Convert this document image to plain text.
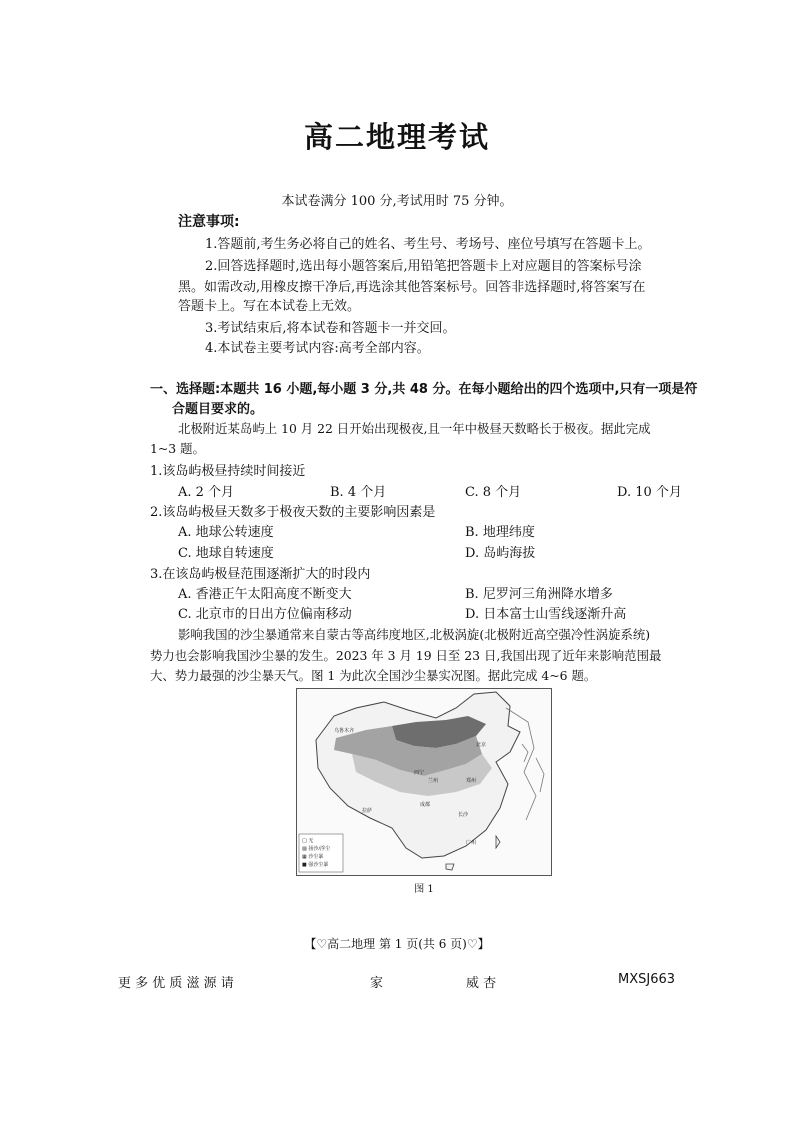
高二地理考试
本试卷满分 100 分,考试用时 75 分钟。
注意事项:
1.答题前,考生务必将自己的姓名、考生号、考场号、座位号填写在答题卡上。
2.回答选择题时,选出每小题答案后,用铅笔把答题卡上对应题目的答案标号涂
黑。如需改动,用橡皮擦干净后,再选涂其他答案标号。回答非选择题时,将答案写在
答题卡上。写在本试卷上无效。
3.考试结束后,将本试卷和答题卡一并交回。
4.本试卷主要考试内容:高考全部内容。
一、选择题:本题共 16 小题,每小题 3 分,共 48 分。在每小题给出的四个选项中,只有一项是符
合题目要求的。
北极附近某岛屿上 10 月 22 日开始出现极夜,且一年中极昼天数略长于极夜。据此完成
1~3 题。
1.该岛屿极昼持续时间接近
A. 2 个月	B. 4 个月	C. 8 个月	D. 10 个月
2.该岛屿极昼天数多于极夜天数的主要影响因素是
A. 地球公转速度	B. 地理纬度
C. 地球自转速度	D. 岛屿海拔
3.在该岛屿极昼范围逐渐扩大的时段内
A. 香港正午太阳高度不断变大	B. 尼罗河三角洲降水增多
C. 北京市的日出方位偏南移动	D. 日本富士山雪线逐渐升高
影响我国的沙尘暴通常来自蒙古等高纬度地区,北极涡旋(北极附近高空强冷性涡旋系统)
势力也会影响我国沙尘暴的发生。2023 年 3 月 19 日至 23 日,我国出现了近年来影响范围最
大、势力最强的沙尘暴天气。图 1 为此次全国沙尘暴实况图。据此完成 4~6 题。
乌鲁木齐
北京
西宁
兰州	郑州
成都
长沙
拉萨
广州
□ 无
▨ 扬沙/浮尘
▦ 沙尘暴
■ 强沙尘暴
图 1
【♡高二地理 第 1 页(共 6 页)♡】
更 多 优 质 滋 源 请	家	威 杏	MXSJ663
